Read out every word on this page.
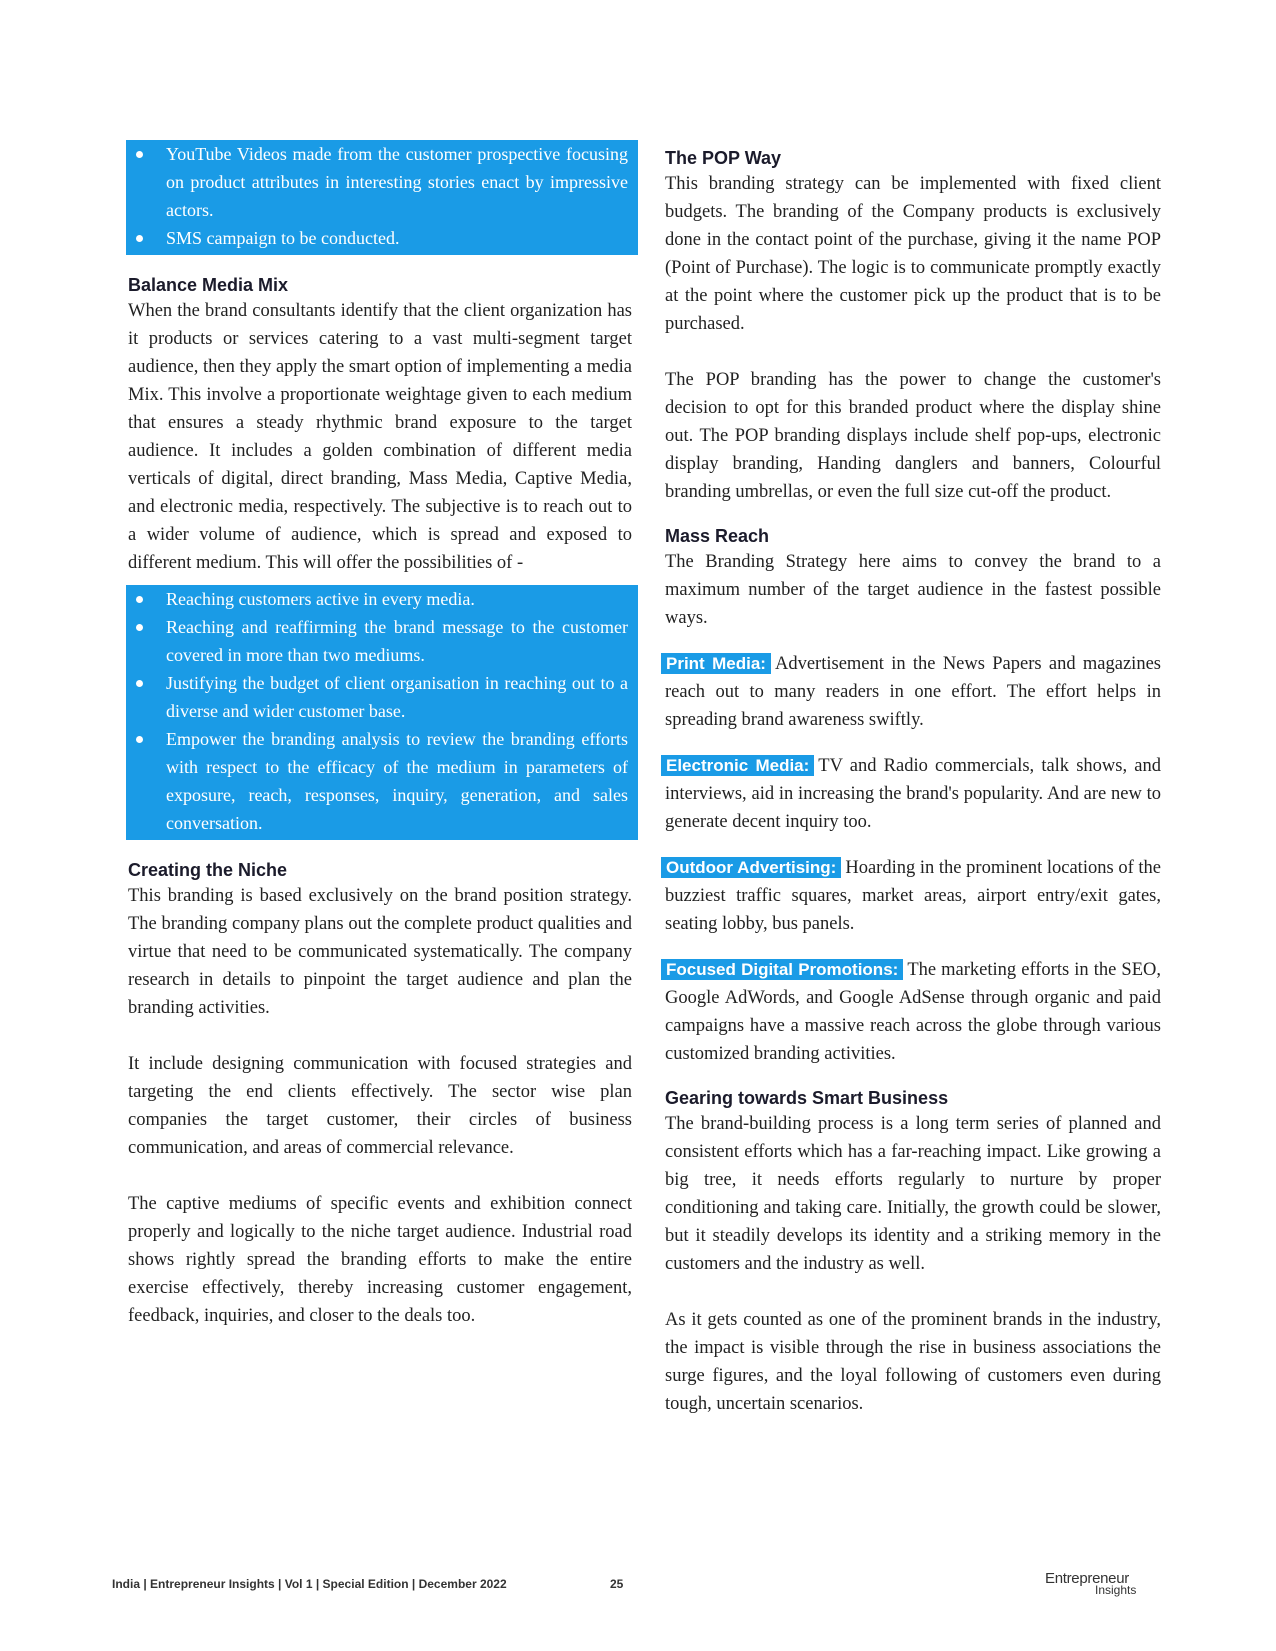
YouTube Videos made from the customer prospective focusing on product attributes in interesting stories enact by impressive actors.
SMS campaign to be conducted.
Balance Media Mix

When the brand consultants identify that the client organization has it products or services catering to a vast multi-segment target audience, then they apply the smart option of implementing a media Mix. This involve a proportionate weightage given to each medium that ensures a steady rhythmic brand exposure to the target audience. It includes a golden combination of different media verticals of digital, direct branding, Mass Media, Captive Media, and electronic media, respectively. The subjective is to reach out to a wider volume of audience, which is spread and exposed to different medium. This will offer the possibilities of -

Reaching customers active in every media.
Reaching and reaffirming the brand message to the customer covered in more than two mediums.
Justifying the budget of client organisation in reaching out to a diverse and wider customer base.
Empower the branding analysis to review the branding efforts with respect to the efficacy of the medium in parameters of exposure, reach, responses, inquiry, generation, and sales conversation.
Creating the Niche

This branding is based exclusively on the brand position strategy. The branding company plans out the complete product qualities and virtue that need to be communicated systematically. The company research in details to pinpoint the target audience and plan the branding activities.

It include designing communication with focused strategies and targeting the end clients effectively. The sector wise plan companies the target customer, their circles of business communication, and areas of commercial relevance.

The captive mediums of specific events and exhibition connect properly and logically to the niche target audience. Industrial road shows rightly spread the branding efforts to make the entire exercise effectively, thereby increasing customer engagement, feedback, inquiries, and closer to the deals too.

The POP Way

This branding strategy can be implemented with fixed client budgets. The branding of the Company products is exclusively done in the contact point of the purchase, giving it the name POP (Point of Purchase). The logic is to communicate promptly exactly at the point where the customer pick up the product that is to be purchased.

The POP branding has the power to change the customer's decision to opt for this branded product where the display shine out. The POP branding displays include shelf pop-ups, electronic display branding, Handing danglers and banners, Colourful branding umbrellas, or even the full size cut-off the product.

Mass Reach

The Branding Strategy here aims to convey the brand to a maximum number of the target audience in the fastest possible ways.

Print Media: Advertisement in the News Papers and magazines reach out to many readers in one effort. The effort helps in spreading brand awareness swiftly.

Electronic Media: TV and Radio commercials, talk shows, and interviews, aid in increasing the brand's popularity. And are new to generate decent inquiry too.

Outdoor Advertising: Hoarding in the prominent locations of the buzziest traffic squares, market areas, airport entry/exit gates, seating lobby, bus panels.

Focused Digital Promotions: The marketing efforts in the SEO, Google AdWords, and Google AdSense through organic and paid campaigns have a massive reach across the globe through various customized branding activities.

Gearing towards Smart Business

The brand-building process is a long term series of planned and consistent efforts which has a far-reaching impact. Like growing a big tree, it needs efforts regularly to nurture by proper conditioning and taking care. Initially, the growth could be slower, but it steadily develops its identity and a striking memory in the customers and the industry as well.

As it gets counted as one of the prominent brands in the industry, the impact is visible through the rise in business associations the surge figures, and the loyal following of customers even during tough, uncertain scenarios.

India | Entrepreneur Insights | Vol 1 | Special Edition | December 2022	25	Entrepreneur
Insights
